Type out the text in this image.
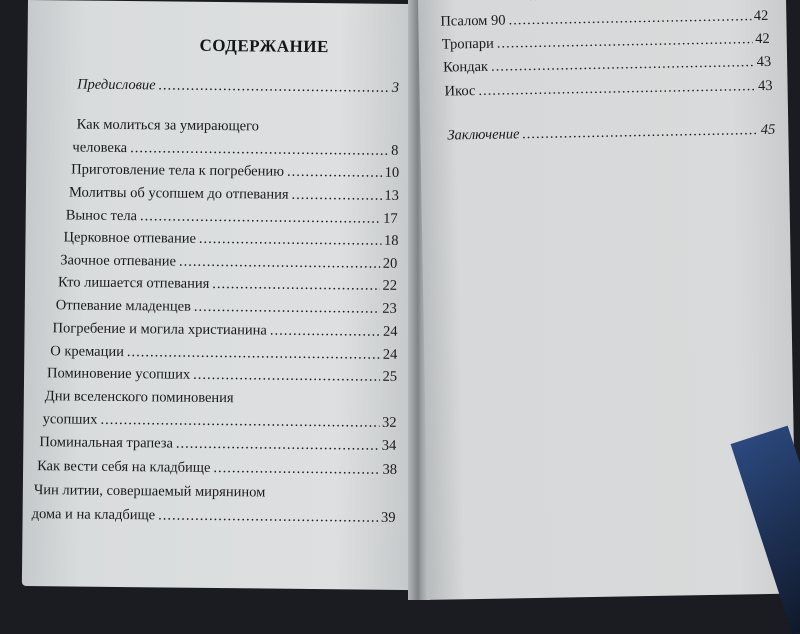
СОДЕРЖАНИЕ
Предисловие .....	3
Как молиться за умирающего
человека .....	8
Приготовление тела к погребению .....	10
Молитвы об усопшем до отпевания .....	13
Вынос тела .....	17
Церковное отпевание .....	18
Заочное отпевание .....	20
Кто лишается отпевания .....	22
Отпевание младенцев .....	23
Погребение и могила христианина .....	24
О кремации .....	24
Поминовение усопших .....	25
Дни вселенского поминовения
усопших .....	32
Поминальная трапеза .....	34
Как вести себя на кладбище .....	38
Чин литии, совершаемый мирянином
дома и на кладбище .....	39
.....
Псалом 90 .....	42
Тропари .....	42
Кондак .....	43
Икос .....	43
Заключение .....	45
